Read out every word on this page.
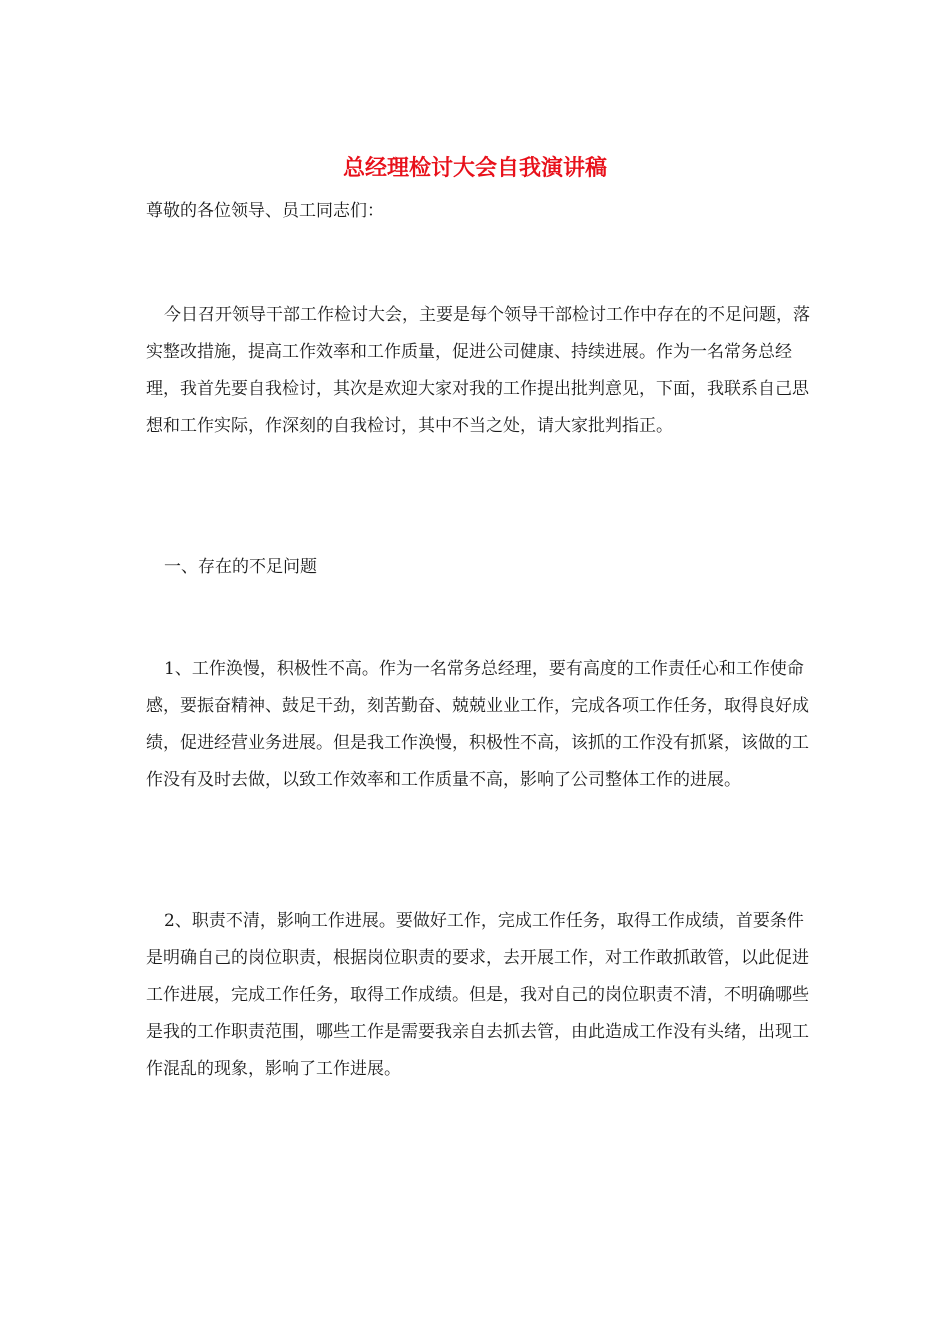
总经理检讨大会自我演讲稿

尊敬的各位领导、员工同志们：

今日召开领导干部工作检讨大会，主要是每个领导干部检讨工作中存在的不足问题，落实整改措施，提高工作效率和工作质量，促进公司健康、持续进展。作为一名常务总经理，我首先要自我检讨，其次是欢迎大家对我的工作提出批判意见，下面，我联系自己思想和工作实际，作深刻的自我检讨，其中不当之处，请大家批判指正。

一、存在的不足问题

1、工作涣慢，积极性不高。作为一名常务总经理，要有高度的工作责任心和工作使命感，要振奋精神、鼓足干劲，刻苦勤奋、兢兢业业工作，完成各项工作任务，取得良好成绩，促进经营业务进展。但是我工作涣慢，积极性不高，该抓的工作没有抓紧，该做的工作没有及时去做，以致工作效率和工作质量不高，影响了公司整体工作的进展。

2、职责不清，影响工作进展。要做好工作，完成工作任务，取得工作成绩，首要条件是明确自己的岗位职责，根据岗位职责的要求，去开展工作，对工作敢抓敢管，以此促进工作进展，完成工作任务，取得工作成绩。但是，我对自己的岗位职责不清，不明确哪些是我的工作职责范围，哪些工作是需要我亲自去抓去管，由此造成工作没有头绪，出现工作混乱的现象，影响了工作进展。
